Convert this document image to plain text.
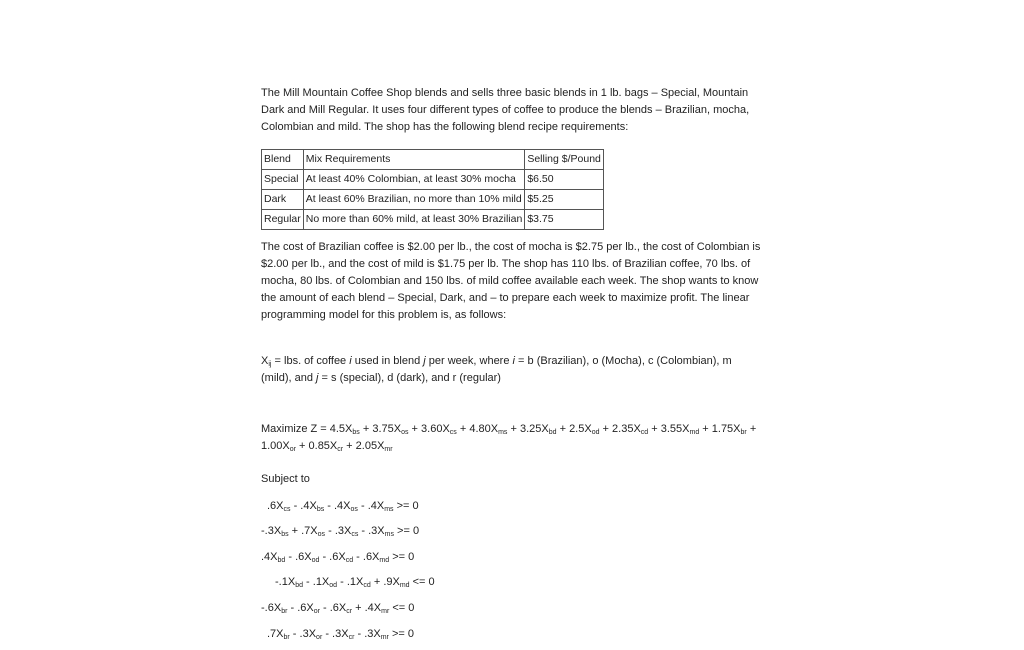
The Mill Mountain Coffee Shop blends and sells three basic blends in 1 lb. bags – Special, Mountain Dark and Mill Regular. It uses four different types of coffee to produce the blends – Brazilian, mocha, Colombian and mild. The shop has the following blend recipe requirements:

Blend	Mix Requirements	Selling $/Pound
Special	At least 40% Colombian, at least 30% mocha	$6.50
Dark	At least 60% Brazilian, no more than 10% mild	$5.25
Regular	No more than 60% mild, at least 30% Brazilian	$3.75

The cost of Brazilian coffee is $2.00 per lb., the cost of mocha is $2.75 per lb., the cost of Colombian is $2.00 per lb., and the cost of mild is $1.75 per lb. The shop has 110 lbs. of Brazilian coffee, 70 lbs. of mocha, 80 lbs. of Colombian and 150 lbs. of mild coffee available each week. The shop wants to know the amount of each blend – Special, Dark, and – to prepare each week to maximize profit. The linear programming model for this problem is, as follows:

$X_{ij}$ = lbs. of coffee i used in blend j per week, where i = b (Brazilian), o (Mocha), c (Colombian), m (mild), and j = s (special), d (dark), and r (regular)

Maximize $Z = 4.5X_{bs} + 3.75X_{os} + 3.60X_{cs} + 4.80X_{ms} + 3.25X_{bd} + 2.5X_{od} + 2.35X_{cd} + 3.55X_{md} + 1.75X_{br} + 1.00X_{or} + 0.85X_{cr} + 2.05X_{mr}$

Subject to

$.6X_{cs} - .4X_{bs} - .4X_{os} - .4X_{ms} >= 0$
$-.3X_{bs} + .7X_{os} - .3X_{cs} - .3X_{ms} >= 0$
$.4X_{bd} - .6X_{od} - .6X_{cd} - .6X_{md} >= 0$
$-.1X_{bd} - .1X_{od} - .1X_{cd} + .9X_{md} <= 0$
$-.6X_{br} - .6X_{or} - .6X_{cr} + .4X_{mr} <= 0$
$.7X_{br} - .3X_{or} - .3X_{cr} - .3X_{mr} >= 0$
